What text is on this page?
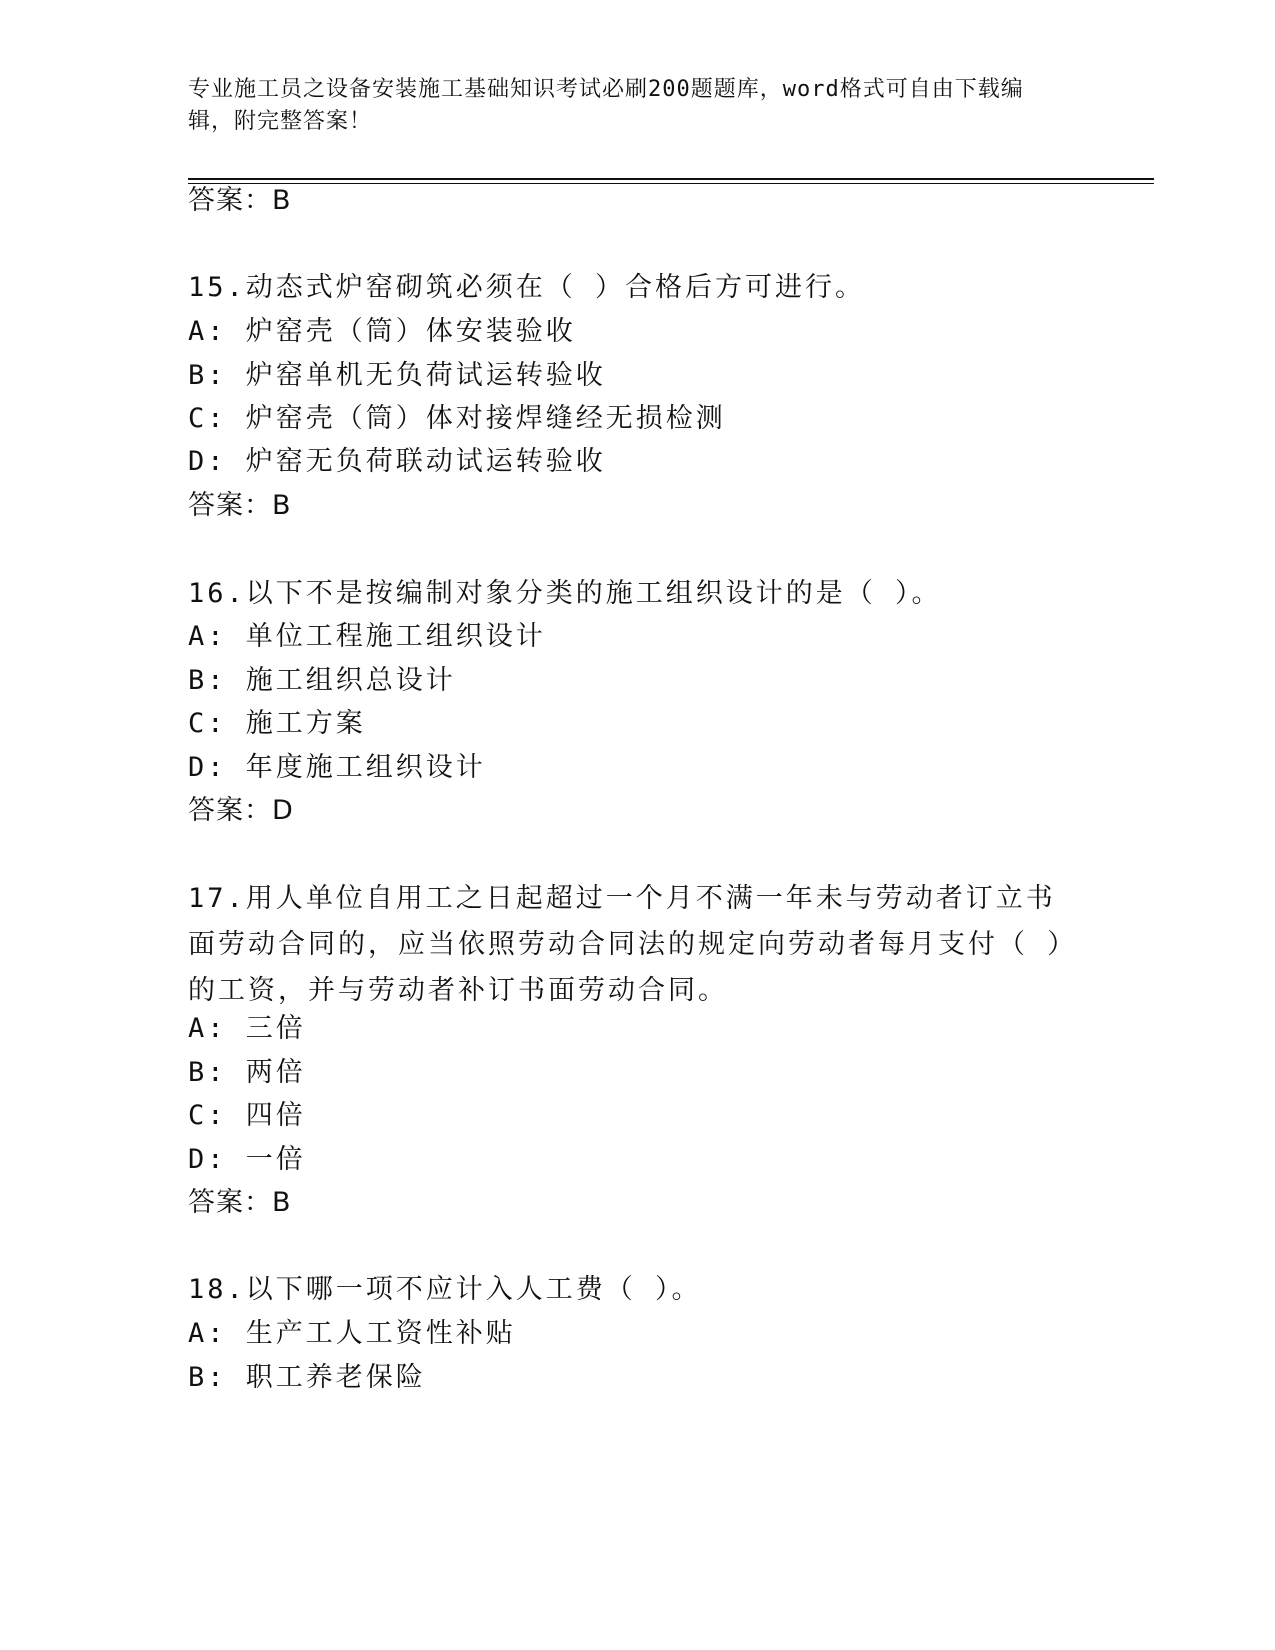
专业施工员之设备安装施工基础知识考试必刷200题题库，word格式可自由下载编辑，附完整答案！
答案：B
15.动态式炉窑砌筑必须在（ ）合格后方可进行。
A: 炉窑壳（筒）体安装验收
B: 炉窑单机无负荷试运转验收
C: 炉窑壳（筒）体对接焊缝经无损检测
D: 炉窑无负荷联动试运转验收
答案：B
16.以下不是按编制对象分类的施工组织设计的是（ ）。
A: 单位工程施工组织设计
B: 施工组织总设计
C: 施工方案
D: 年度施工组织设计
答案：D
17.用人单位自用工之日起超过一个月不满一年未与劳动者订立书面劳动合同的，应当依照劳动合同法的规定向劳动者每月支付（ ）的工资，并与劳动者补订书面劳动合同。
A: 三倍
B: 两倍
C: 四倍
D: 一倍
答案：B
18.以下哪一项不应计入人工费（ ）。
A: 生产工人工资性补贴
B: 职工养老保险
